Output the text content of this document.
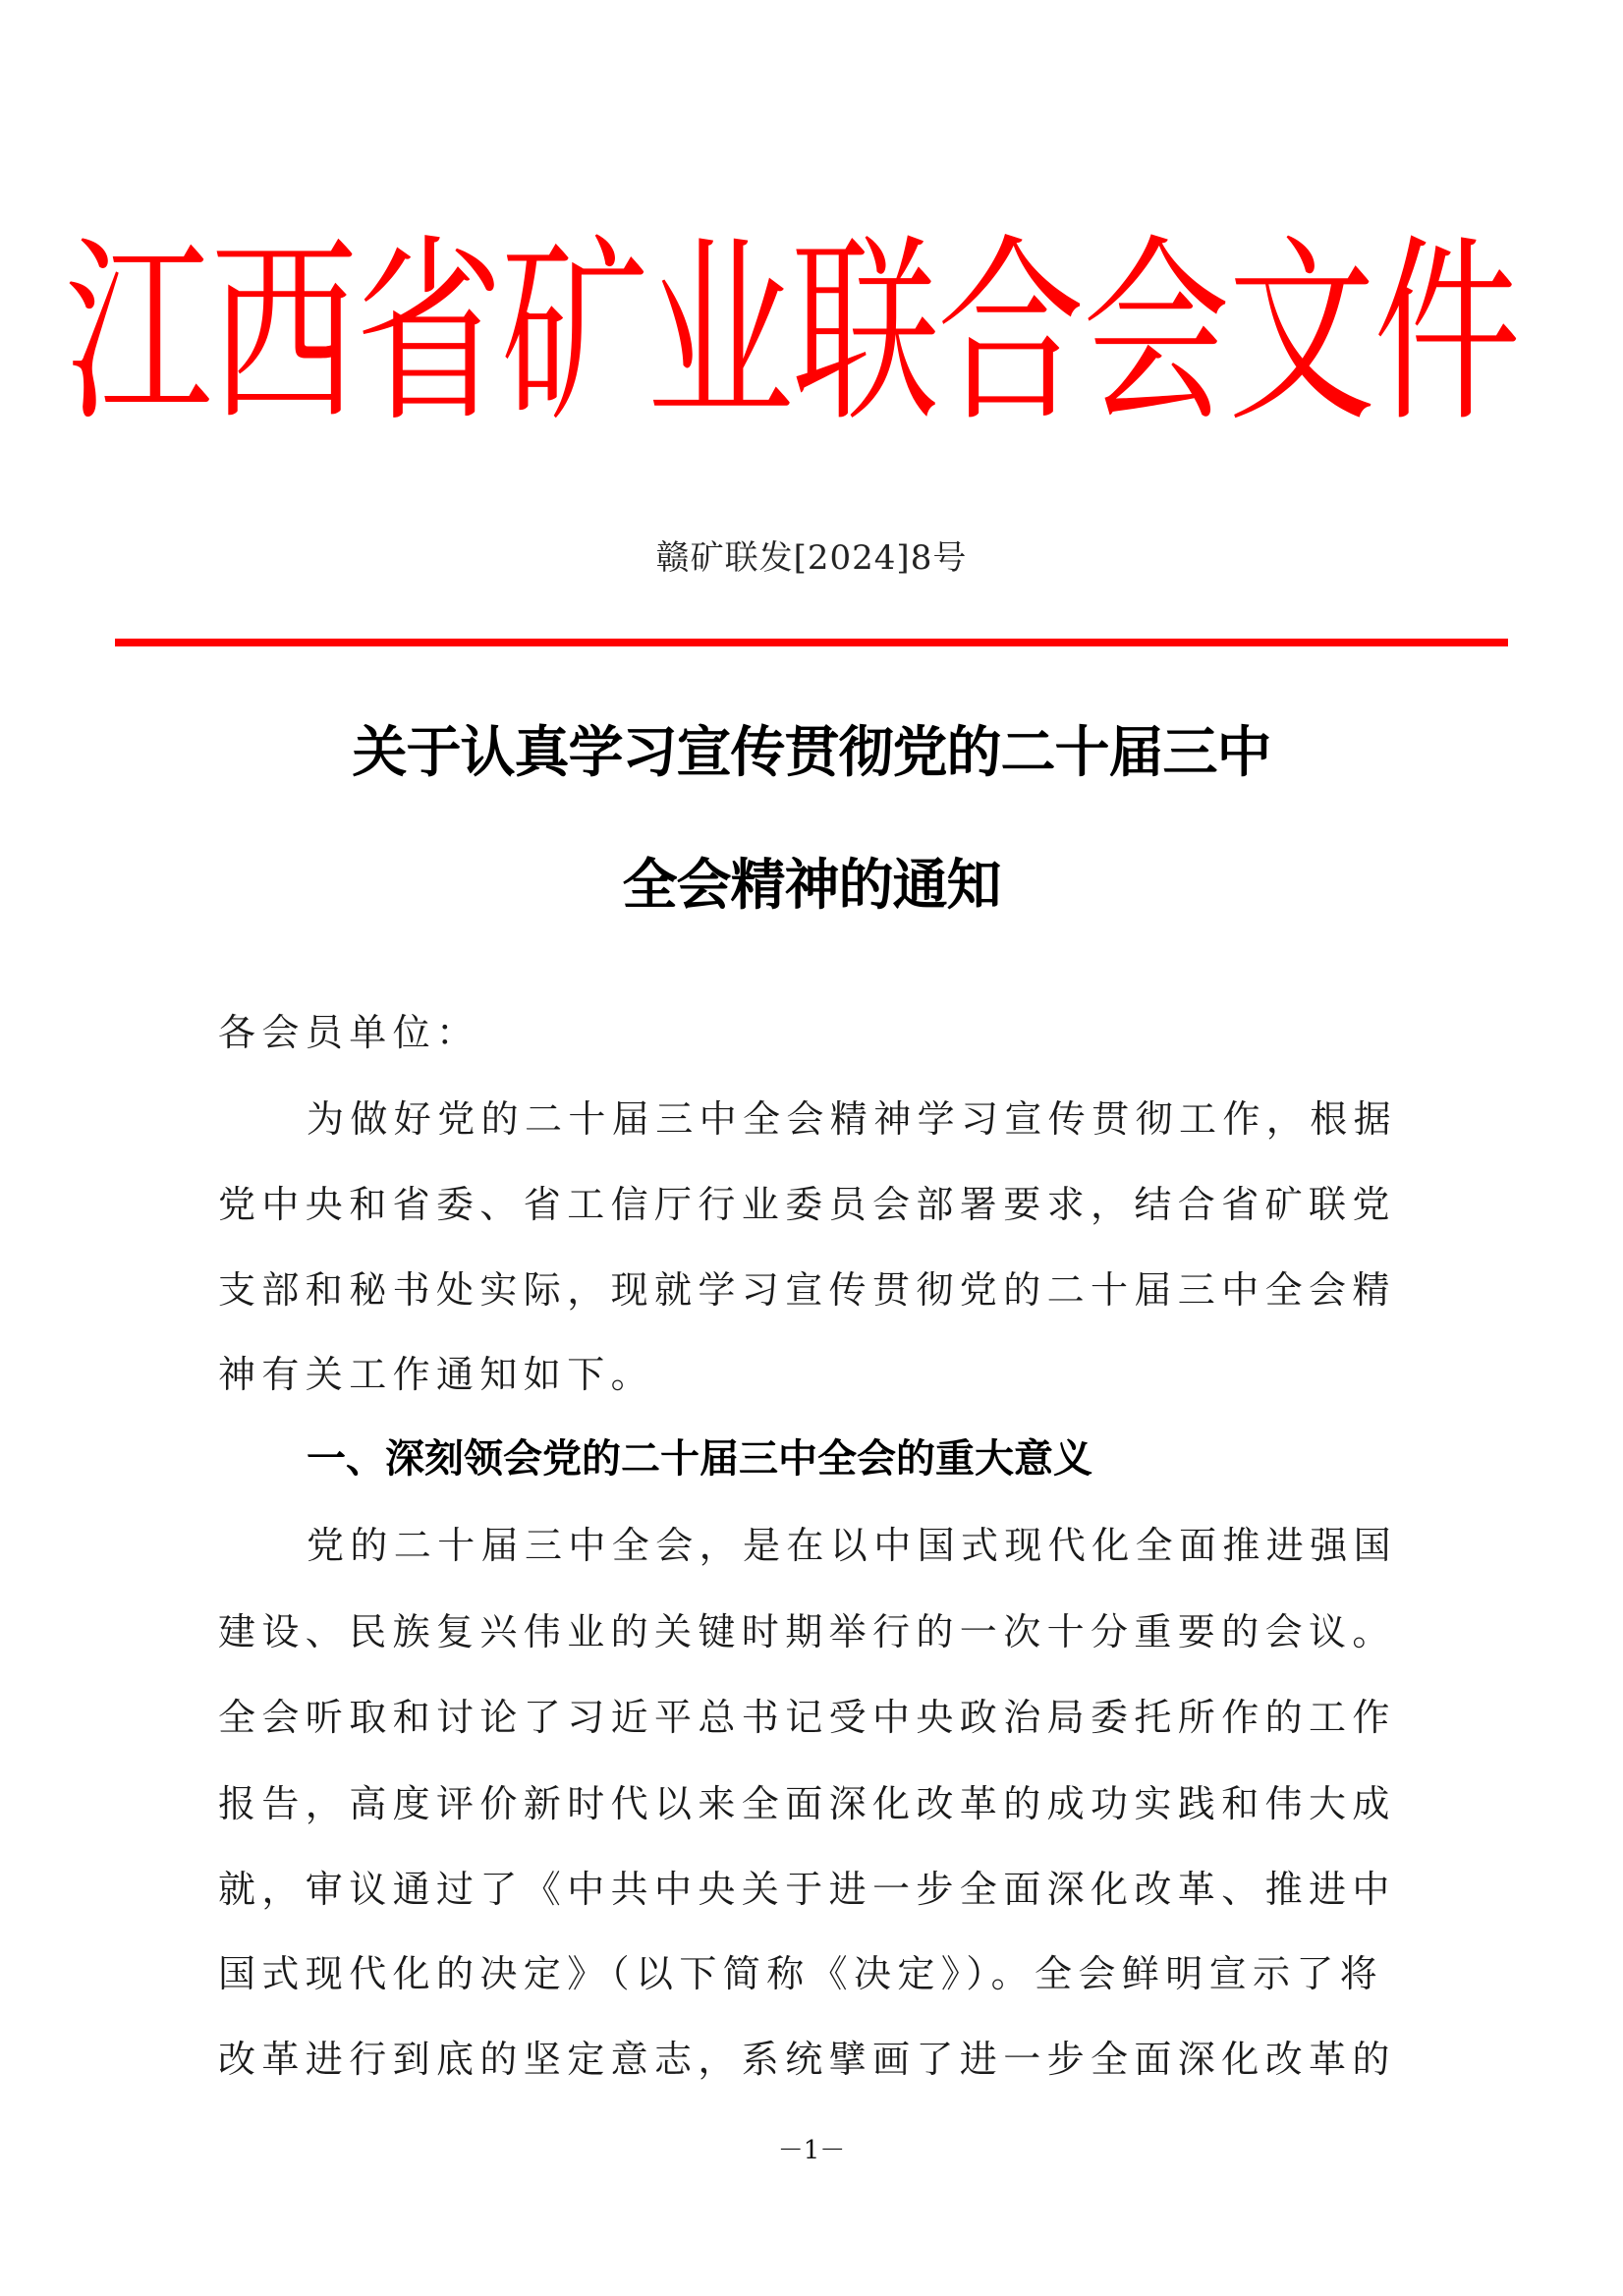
江西省矿业联合会文件
赣矿联发[2024]8号
关于认真学习宣传贯彻党的二十届三中
全会精神的通知
各会员单位：
为做好党的二十届三中全会精神学习宣传贯彻工作，根据
党中央和省委、省工信厅行业委员会部署要求，结合省矿联党
支部和秘书处实际，现就学习宣传贯彻党的二十届三中全会精
神有关工作通知如下。
一、深刻领会党的二十届三中全会的重大意义
党的二十届三中全会，是在以中国式现代化全面推进强国
建设、民族复兴伟业的关键时期举行的一次十分重要的会议。
全会听取和讨论了习近平总书记受中央政治局委托所作的工作
报告，高度评价新时代以来全面深化改革的成功实践和伟大成
就，审议通过了《中共中央关于进一步全面深化改革、推进中
国式现代化的决定》（以下简称《决定》）。全会鲜明宣示了将
改革进行到底的坚定意志，系统擘画了进一步全面深化改革的
－1－
